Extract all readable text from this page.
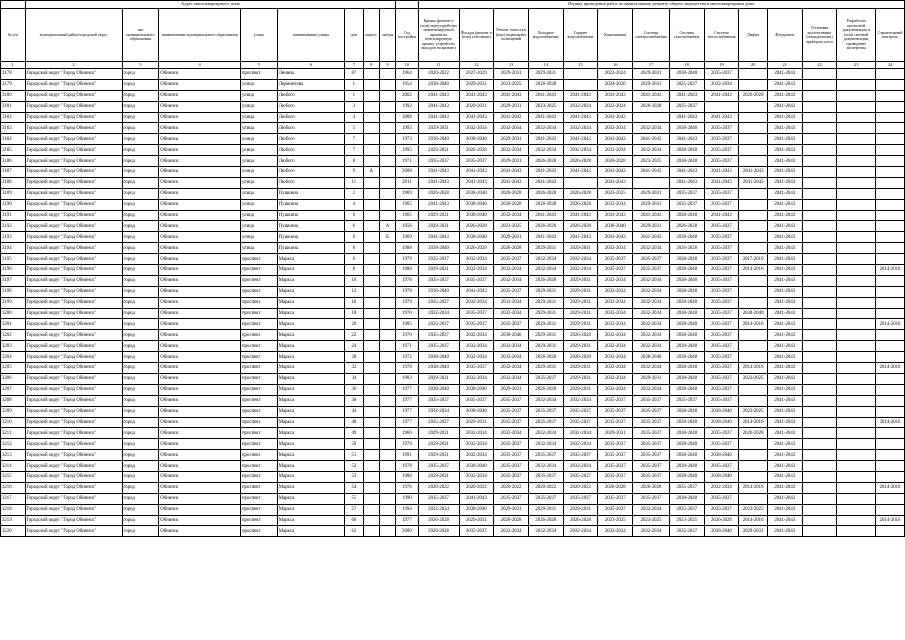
	Адрес многоквартирного дома									Период проведения работ по капитальному ремонту общего имущества в многоквартирном доме													
№ п/п	муниципальный район/городской округ	тип муниципального образования	наименование муниципального образования	улица	наименование улицы	дом	корпус	литера	Год постройки	Крыша (ремонт и (или) переустройство невентилируемой крыши на вентилируемую крышу, устройство выходов на кровлю)	Фасады (ремонт и (или) утепление)	Ремонт отмостки (или) подвальных помещений	Холодное водоснабжение	Горячее водоснабжение	Канализация	Система электроснабжения	Система газоснабжения	Система теплоснабжения	Лифты	Фундамент	Установка коллективных (общедомовых) приборов учета	Разработка проектной документации и (или) сметной документации, проведение экспертизы	Строительный контроль
1	2	3	4	5	6	7	8	9	10	11	12	13	14	15	16	17	18	19	20	21	22	23	24
3178	Городской округ "Город Обнинск"	город	Обнинск	проспект	Ленина	87			1964	2020-2022	2027-2029	2029-2031	2029-2031		2022-2024	2029-2031	2038-2040	2035-2037		2041-2043			
3179	Городской округ "Город Обнинск"	город	Обнинск	улица	Лермонтова	1			1954	2038-2040	2029-2031	2023-2025	2026-2028		2024-2026	2029-2031	2025-2027	2032-2034		2041-2043			
3180	Городской округ "Город Обнинск"	город	Обнинск	улица	Любого	1			2002	2041-2043	2041-2043	2041-2043	2041-2043	2041-2043	2041-2043	2041-2043	2041-2043	2041-2043	2026-2028	2041-2043			
3181	Городской округ "Город Обнинск"	город	Обнинск	улица	Любого	3			1992	2041-2043	2029-2031	2029-2031	2023-2025	2032-2034	2022-2024	2026-2028	2035-2037			2041-2043			
3182	Городской округ "Город Обнинск"	город	Обнинск	улица	Любого	4			2008	2041-2043	2041-2043	2041-2043	2041-2043	2041-2043	2041-2043		2041-2043	2041-2043		2041-2043			
3183	Городской округ "Город Обнинск"	город	Обнинск	улица	Любого	5			1993	2029-2031	2032-2034	2032-2034	2032-2034	2032-2034	2032-2034	2032-2034	2038-2040	2035-2037		2041-2043			
3184	Городской округ "Город Обнинск"	город	Обнинск	улица	Любого	7			1973	2038-2040	2038-2040	2029-2031	2041-2043	2041-2043	2041-2043	2041-2043	2041-2043	2035-2037		2041-2043			
3185	Городской округ "Город Обнинск"	город	Обнинск	улица	Любого	7			1995	2029-2031	2026-2028	2032-2034	2032-2034	2032-2034	2032-2034	2032-2034	2038-2040	2035-2037		2041-2043			
3186	Городской округ "Город Обнинск"	город	Обнинск	улица	Любого	8			1971	2035-2037	2035-2037	2029-2031	2026-2028	2026-2028	2026-2028	2023-2025	2038-2040	2035-2037		2041-2043			
3187	Городской округ "Город Обнинск"	город	Обнинск	улица	Любого	9	А		2008	2041-2043	2041-2043	2041-2043	2041-2043	2041-2043	2041-2043	2041-2043	2041-2043	2041-2043	2041-2043	2041-2043			
3188	Городской округ "Город Обнинск"	город	Обнинск	улица	Любого	11			2011	2041-2043	2041-2043	2041-2043	2041-2043		2041-2043		2041-2043	2041-2043	2041-2043	2041-2043			
3189	Городской округ "Город Обнинск"	город	Обнинск	улица	Пушкина	2			1969	2026-2028	2038-2040	2026-2028	2026-2028	2026-2028	2023-2025	2029-2031	2035-2037	2035-2037		2041-2043			
3190	Городской округ "Город Обнинск"	город	Обнинск	улица	Пушкина	4			1965	2041-2043	2038-2040	2026-2028	2026-2028	2026-2028	2032-2034	2029-2031	2035-2037	2035-2037		2041-2043			
3191	Городской округ "Город Обнинск"	город	Обнинск	улица	Пушкина	6			1965	2029-2031	2038-2040	2032-2034	2041-2043	2041-2043	2041-2043	2041-2043	2038-2040	2041-2043		2041-2043			
3192	Городской округ "Город Обнинск"	город	Обнинск	улица	Пушкина	6		А	1956	2029-2031	2026-2028	2023-2025	2026-2028	2026-2028	2038-2040	2029-2031	2026-2028	2035-2037		2041-2043			
3193	Городской округ "Город Обнинск"	город	Обнинск	улица	Пушкина	8		Б	1969	2041-2043	2038-2040	2029-2031	2041-2043	2041-2043	2041-2043	2041-2043	2038-2040	2035-2037		2041-2043			
3194	Городской округ "Город Обнинск"	город	Обнинск	улица	Пушкина	8			1988	2038-2040	2026-2028	2026-2028	2029-2031	2029-2031	2032-2034	2032-2034	2026-2028	2035-2037		2041-2043			
3195	Городской округ "Город Обнинск"	город	Обнинск	проспект	Маркса	6			1979	2035-2037	2032-2034	2035-2037	2032-2034	2032-2034	2035-2037	2035-2037	2038-2040	2035-2037	2017-2019	2041-2043			
3196	Городской округ "Город Обнинск"	город	Обнинск	проспект	Маркса	8			1986	2029-2031	2032-2034	2032-2034	2032-2034	2032-2034	2035-2037	2035-2037	2038-2040	2035-2037	2014-2016	2041-2043			2014-2016
3197	Городской округ "Город Обнинск"	город	Обнинск	проспект	Маркса	10			1978	2035-2037	2035-2037	2032-2034	2026-2028	2029-2031	2032-2034	2032-2034	2038-2040	2035-2037		2041-2043			
3198	Городской округ "Город Обнинск"	город	Обнинск	проспект	Маркса	12			1978	2038-2040	2041-2043	2035-2037	2029-2031	2029-2031	2032-2034	2032-2034	2038-2040	2035-2037		2041-2043			
3199	Городской округ "Город Обнинск"	город	Обнинск	проспект	Маркса	16			1979	2035-2037	2032-2034	2032-2034	2029-2031	2029-2031	2032-2034	2032-2034	2038-2040	2035-2037		2041-2043			
3200	Городской округ "Город Обнинск"	город	Обнинск	проспект	Маркса	18			1970	2032-2034	2035-2037	2032-2034	2029-2031	2029-2031	2032-2034	2032-2034	2038-2040	2035-2037	2038-2040	2041-2043			
3201	Городской округ "Город Обнинск"	город	Обнинск	проспект	Маркса	20			1985	2035-2037	2035-2037	2035-2037	2029-2031	2029-2031	2032-2034	2032-2034	2038-2040	2035-2037	2014-2016	2041-2043			2014-2016
3202	Городской округ "Город Обнинск"	город	Обнинск	проспект	Маркса	22			1970	2035-2037	2032-2034	2038-2040	2029-2031	2026-2028	2032-2034	2032-2034	2038-2040	2035-2037		2041-2043			
3203	Городской округ "Город Обнинск"	город	Обнинск	проспект	Маркса	24			1971	2035-2037	2032-2034	2032-2034	2029-2031	2029-2031	2032-2034	2032-2034	2038-2040	2035-2037		2041-2043			
3204	Городской округ "Город Обнинск"	город	Обнинск	проспект	Маркса	28			1972	2038-2040	2032-2034	2032-2034	2026-2028	2026-2028	2032-2034	2038-2040	2038-2040	2035-2037		2041-2043			
3205	Городской округ "Город Обнинск"	город	Обнинск	проспект	Маркса	32			1978	2038-2040	2035-2037	2032-2034	2029-2031	2029-2031	2032-2034	2032-2034	2038-2040	2035-2037	2014-2016	2041-2043			2014-2016
3206	Городской округ "Город Обнинск"	город	Обнинск	проспект	Маркса	34			1983	2029-2031	2032-2034	2032-2034	2035-2037	2029-2031	2032-2034	2029-2031	2038-2040	2035-2037	2023-2025	2041-2043			
3207	Городской округ "Город Обнинск"	город	Обнинск	проспект	Маркса	36			1977	2038-2040	2038-2040	2029-2031	2026-2028	2029-2031	2032-2034	2032-2034	2038-2040	2035-2037		2041-2043			
3208	Городской округ "Город Обнинск"	город	Обнинск	проспект	Маркса	38			1977	2035-2037	2035-2037	2035-2037	2032-2034	2032-2034	2035-2037	2035-2037	2035-2037	2035-2037		2041-2043			
3209	Городской округ "Город Обнинск"	город	Обнинск	проспект	Маркса	44			1977	2032-2034	2038-2040	2035-2037	2035-2037	2035-2037	2035-2037	2035-2037	2038-2040	2038-2040	2023-2025	2041-2043			
3210	Городской округ "Город Обнинск"	город	Обнинск	проспект	Маркса	48			1977	2035-2037	2029-2031	2035-2037	2035-2037	2035-2037	2035-2037	2035-2037	2038-2040	2038-2040	2014-2016	2041-2043			2014-2016
3211	Городской округ "Город Обнинск"	город	Обнинск	проспект	Маркса	49			1966	2029-2031	2032-2034	2032-2034	2032-2034	2032-2034	2029-2031	2035-2037	2038-2040	2035-2037	2026-2028	2041-2043			
3212	Городской округ "Город Обнинск"	город	Обнинск	проспект	Маркса	50			1978	2029-2031	2032-2034	2035-2037	2032-2034	2032-2034	2035-2037	2035-2037	2038-2040	2035-2037		2041-2043			
3213	Городской округ "Город Обнинск"	город	Обнинск	проспект	Маркса	51			1991	2029-2031	2032-2034	2035-2037	2035-2037	2035-2037	2035-2037	2035-2037	2038-2040	2038-2040		2041-2043			
3214	Городской округ "Город Обнинск"	город	Обнинск	проспект	Маркса	52			1978	2035-2037	2038-2040	2035-2037	2032-2034	2032-2034	2035-2037	2035-2037	2038-2040	2035-2037		2041-2043			
3215	Городской округ "Город Обнинск"	город	Обнинск	проспект	Маркса	53			1988	2029-2031	2032-2034	2035-2037	2035-2037	2035-2037	2035-2037	2035-2037	2038-2040	2038-2040		2041-2043			
3216	Городской округ "Город Обнинск"	город	Обнинск	проспект	Маркса	54			1976	2020-2022	2020-2022	2020-2022	2020-2022	2020-2022	2026-2028	2026-2028	2035-2037	2032-2034	2014-2016	2041-2043			2014-2016
3217	Городской округ "Город Обнинск"	город	Обнинск	проспект	Маркса	55			1990	2035-2037	2041-2043	2035-2037	2035-2037	2035-2037	2035-2037	2035-2037	2038-2040	2035-2037		2041-2043			
3218	Городской округ "Город Обнинск"	город	Обнинск	проспект	Маркса	57			1994	2032-2034	2038-2040	2029-2031	2029-2031	2029-2031	2035-2037	2032-2034	2035-2037	2035-2037	2023-2025	2041-2043			
3219	Городской округ "Город Обнинск"	город	Обнинск	проспект	Маркса	60			1977	2026-2028	2029-2031	2026-2028	2026-2028	2026-2028	2023-2025	2023-2025	2023-2025	2026-2028	2014-2016	2041-2043			2014-2016
3220	Городской округ "Город Обнинск"	город	Обнинск	проспект	Маркса	62			2000	2026-2028	2035-2037	2032-2034	2032-2034	2032-2034	2032-2034	2032-2034	2035-2037	2038-2040	2029-2031	2041-2043			
